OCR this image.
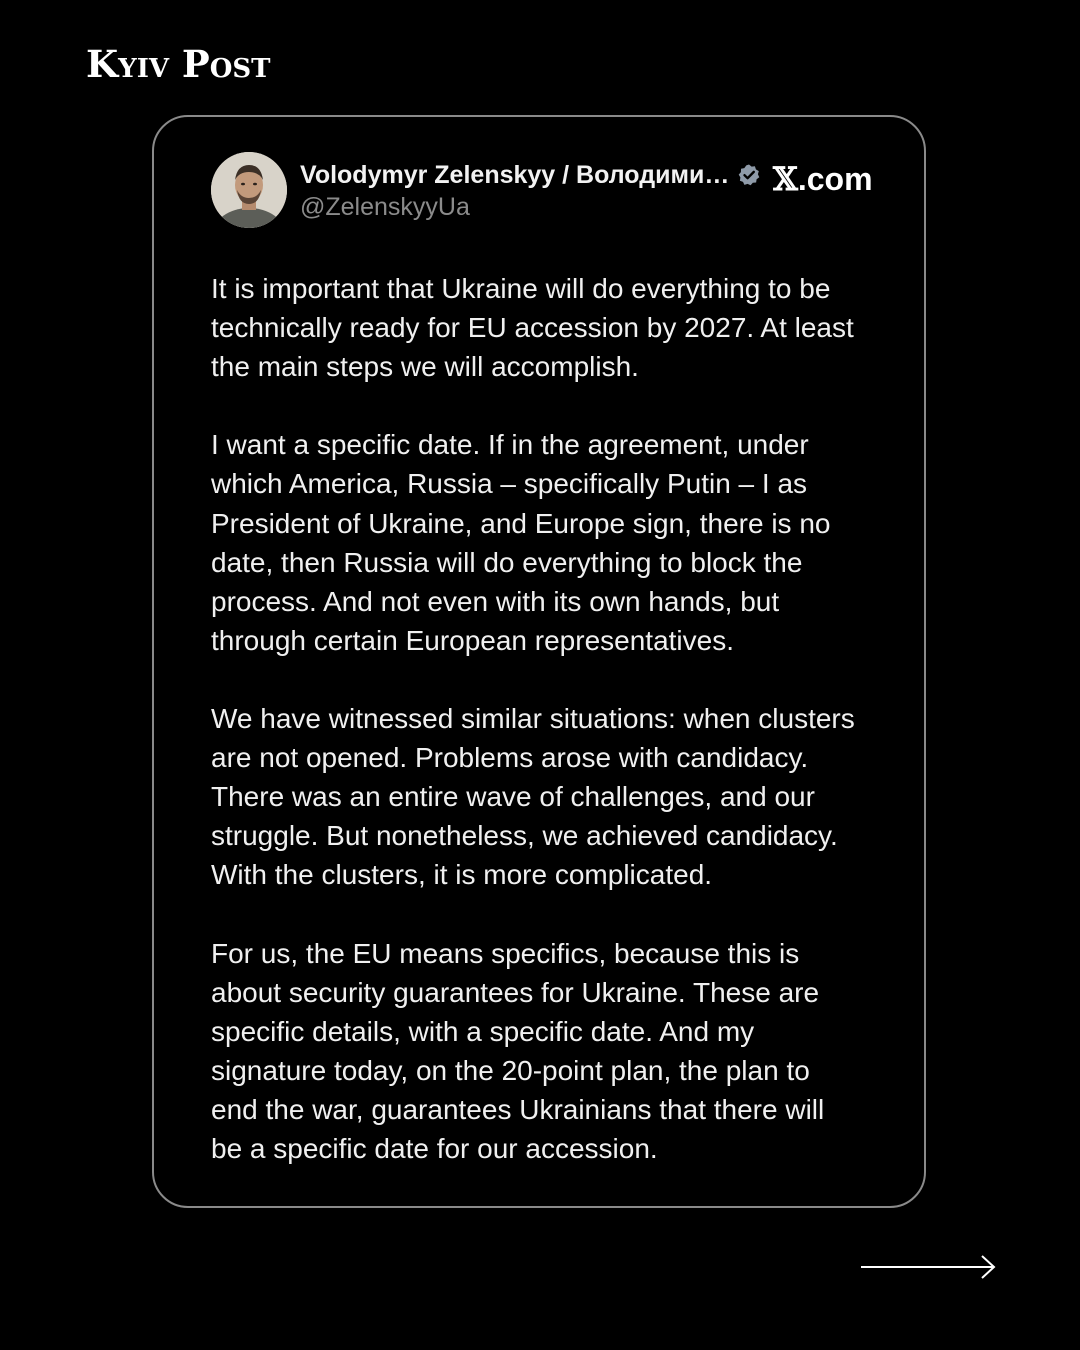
Kyiv Post
Volodymyr Zelenskyy / Володими… 𝕏.com
@ZelenskyyUa

It is important that Ukraine will do everything to be
technically ready for EU accession by 2027. At least
the main steps we will accomplish.

I want a specific date. If in the agreement, under
which America, Russia – specifically Putin – I as
President of Ukraine, and Europe sign, there is no
date, then Russia will do everything to block the
process. And not even with its own hands, but
through certain European representatives.

We have witnessed similar situations: when clusters
are not opened. Problems arose with candidacy.
There was an entire wave of challenges, and our
struggle. But nonetheless, we achieved candidacy.
With the clusters, it is more complicated.

For us, the EU means specifics, because this is
about security guarantees for Ukraine. These are
specific details, with a specific date. And my
signature today, on the 20-point plan, the plan to
end the war, guarantees Ukrainians that there will
be a specific date for our accession.
